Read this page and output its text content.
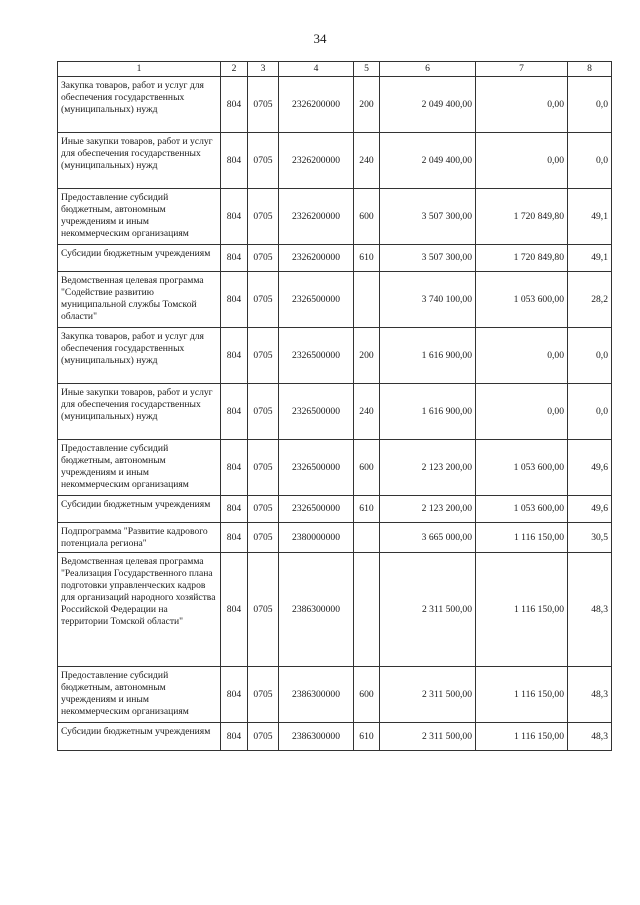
34
1	2	3	4	5	6	7	8
Закупка товаров, работ и услуг для обеспечения государственных (муниципальных) нужд	804	0705	2326200000	200	2 049 400,00	0,00	0,0
Иные закупки товаров, работ и услуг для обеспечения государственных (муниципальных) нужд	804	0705	2326200000	240	2 049 400,00	0,00	0,0
Предоставление субсидий бюджетным, автономным учреждениям и иным некоммерческим организациям	804	0705	2326200000	600	3 507 300,00	1 720 849,80	49,1
Субсидии бюджетным учреждениям	804	0705	2326200000	610	3 507 300,00	1 720 849,80	49,1
Ведомственная целевая программа "Содействие развитию муниципальной службы Томской области"	804	0705	2326500000		3 740 100,00	1 053 600,00	28,2
Закупка товаров, работ и услуг для обеспечения государственных (муниципальных) нужд	804	0705	2326500000	200	1 616 900,00	0,00	0,0
Иные закупки товаров, работ и услуг для обеспечения государственных (муниципальных) нужд	804	0705	2326500000	240	1 616 900,00	0,00	0,0
Предоставление субсидий бюджетным, автономным учреждениям и иным некоммерческим организациям	804	0705	2326500000	600	2 123 200,00	1 053 600,00	49,6
Субсидии бюджетным учреждениям	804	0705	2326500000	610	2 123 200,00	1 053 600,00	49,6
Подпрограмма "Развитие кадрового потенциала региона"	804	0705	2380000000		3 665 000,00	1 116 150,00	30,5
Ведомственная целевая программа "Реализация Государственного плана подготовки управленческих кадров для организаций народного хозяйства Российской Федерации на территории Томской области"	804	0705	2386300000		2 311 500,00	1 116 150,00	48,3
Предоставление субсидий бюджетным, автономным учреждениям и иным некоммерческим организациям	804	0705	2386300000	600	2 311 500,00	1 116 150,00	48,3
Субсидии бюджетным учреждениям	804	0705	2386300000	610	2 311 500,00	1 116 150,00	48,3
